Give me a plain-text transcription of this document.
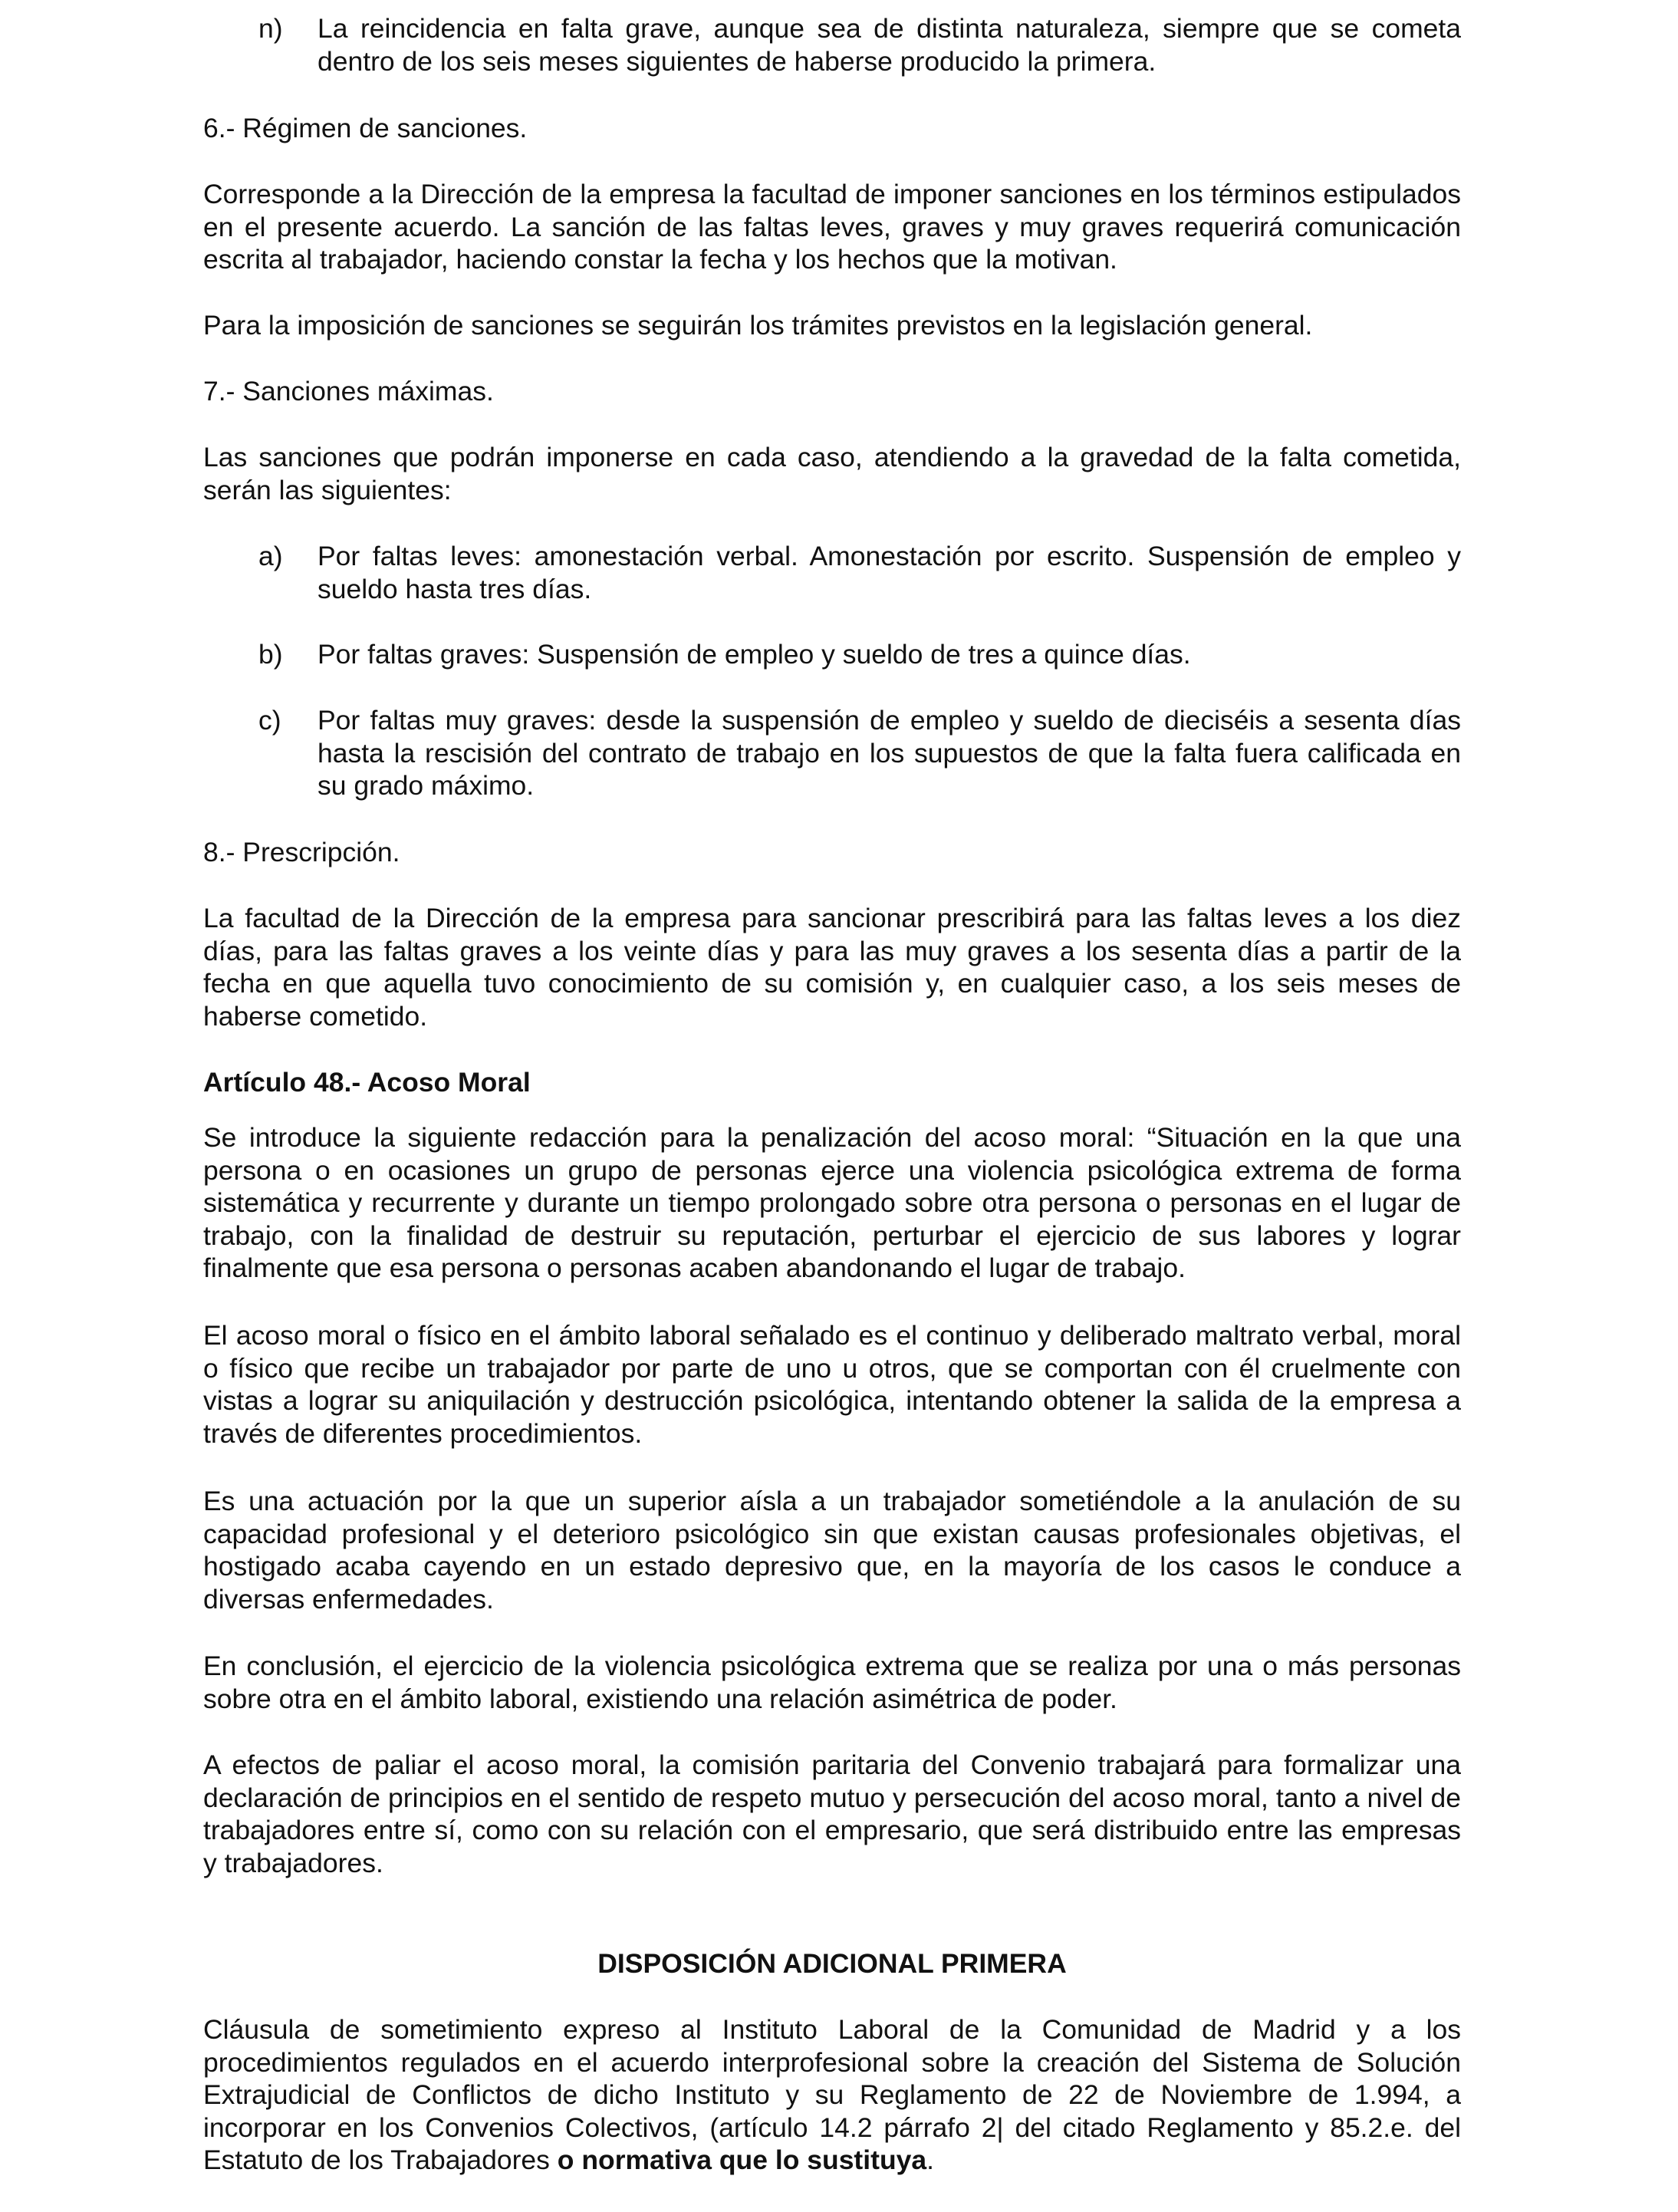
n) La reincidencia en falta grave, aunque sea de distinta naturaleza, siempre que se cometa dentro de los seis meses siguientes de haberse producido la primera.

6.- Régimen de sanciones.

Corresponde a la Dirección de la empresa la facultad de imponer sanciones en los términos estipulados en el presente acuerdo. La sanción de las faltas leves, graves y muy graves requerirá comunicación escrita al trabajador, haciendo constar la fecha y los hechos que la motivan.

Para la imposición de sanciones se seguirán los trámites previstos en la legislación general.

7.- Sanciones máximas.

Las sanciones que podrán imponerse en cada caso, atendiendo a la gravedad de la falta cometida, serán las siguientes:

a) Por faltas leves: amonestación verbal. Amonestación por escrito. Suspensión de empleo y sueldo hasta tres días.

b) Por faltas graves: Suspensión de empleo y sueldo de tres a quince días.

c) Por faltas muy graves: desde la suspensión de empleo y sueldo de dieciséis a sesenta días hasta la rescisión del contrato de trabajo en los supuestos de que la falta fuera calificada en su grado máximo.

8.- Prescripción.

La facultad de la Dirección de la empresa para sancionar prescribirá para las faltas leves a los diez días, para las faltas graves a los veinte días y para las muy graves a los sesenta días a partir de la fecha en que aquella tuvo conocimiento de su comisión y, en cualquier caso, a los seis meses de haberse cometido.

Artículo 48.- Acoso Moral

Se introduce la siguiente redacción para la penalización del acoso moral: “Situación en la que una persona o en ocasiones un grupo de personas ejerce una violencia psicológica extrema de forma sistemática y recurrente y durante un tiempo prolongado sobre otra persona o personas en el lugar de trabajo, con la finalidad de destruir su reputación, perturbar el ejercicio de sus labores y lograr finalmente que esa persona o personas acaben abandonando el lugar de trabajo.

El acoso moral o físico en el ámbito laboral señalado es el continuo y deliberado maltrato verbal, moral o físico que recibe un trabajador por parte de uno u otros, que se comportan con él cruelmente con vistas a lograr su aniquilación y destrucción psicológica, intentando obtener la salida de la empresa a través de diferentes procedimientos.

Es una actuación por la que un superior aísla a un trabajador sometiéndole a la anulación de su capacidad profesional y el deterioro psicológico sin que existan causas profesionales objetivas, el hostigado acaba cayendo en un estado depresivo que, en la mayoría de los casos le conduce a diversas enfermedades.

En conclusión, el ejercicio de la violencia psicológica extrema que se realiza por una o más personas sobre otra en el ámbito laboral, existiendo una relación asimétrica de poder.

A efectos de paliar el acoso moral, la comisión paritaria del Convenio trabajará para formalizar una declaración de principios en el sentido de respeto mutuo y persecución del acoso moral, tanto a nivel de trabajadores entre sí, como con su relación con el empresario, que será distribuido entre las empresas y trabajadores.

DISPOSICIÓN ADICIONAL PRIMERA

Cláusula de sometimiento expreso al Instituto Laboral de la Comunidad de Madrid y a los procedimientos regulados en el acuerdo interprofesional sobre la creación del Sistema de Solución Extrajudicial de Conflictos de dicho Instituto y su Reglamento de 22 de Noviembre de 1.994, a incorporar en los Convenios Colectivos, (artículo 14.2 párrafo 2| del citado Reglamento y 85.2.e. del Estatuto de los Trabajadores o normativa que lo sustituya.
